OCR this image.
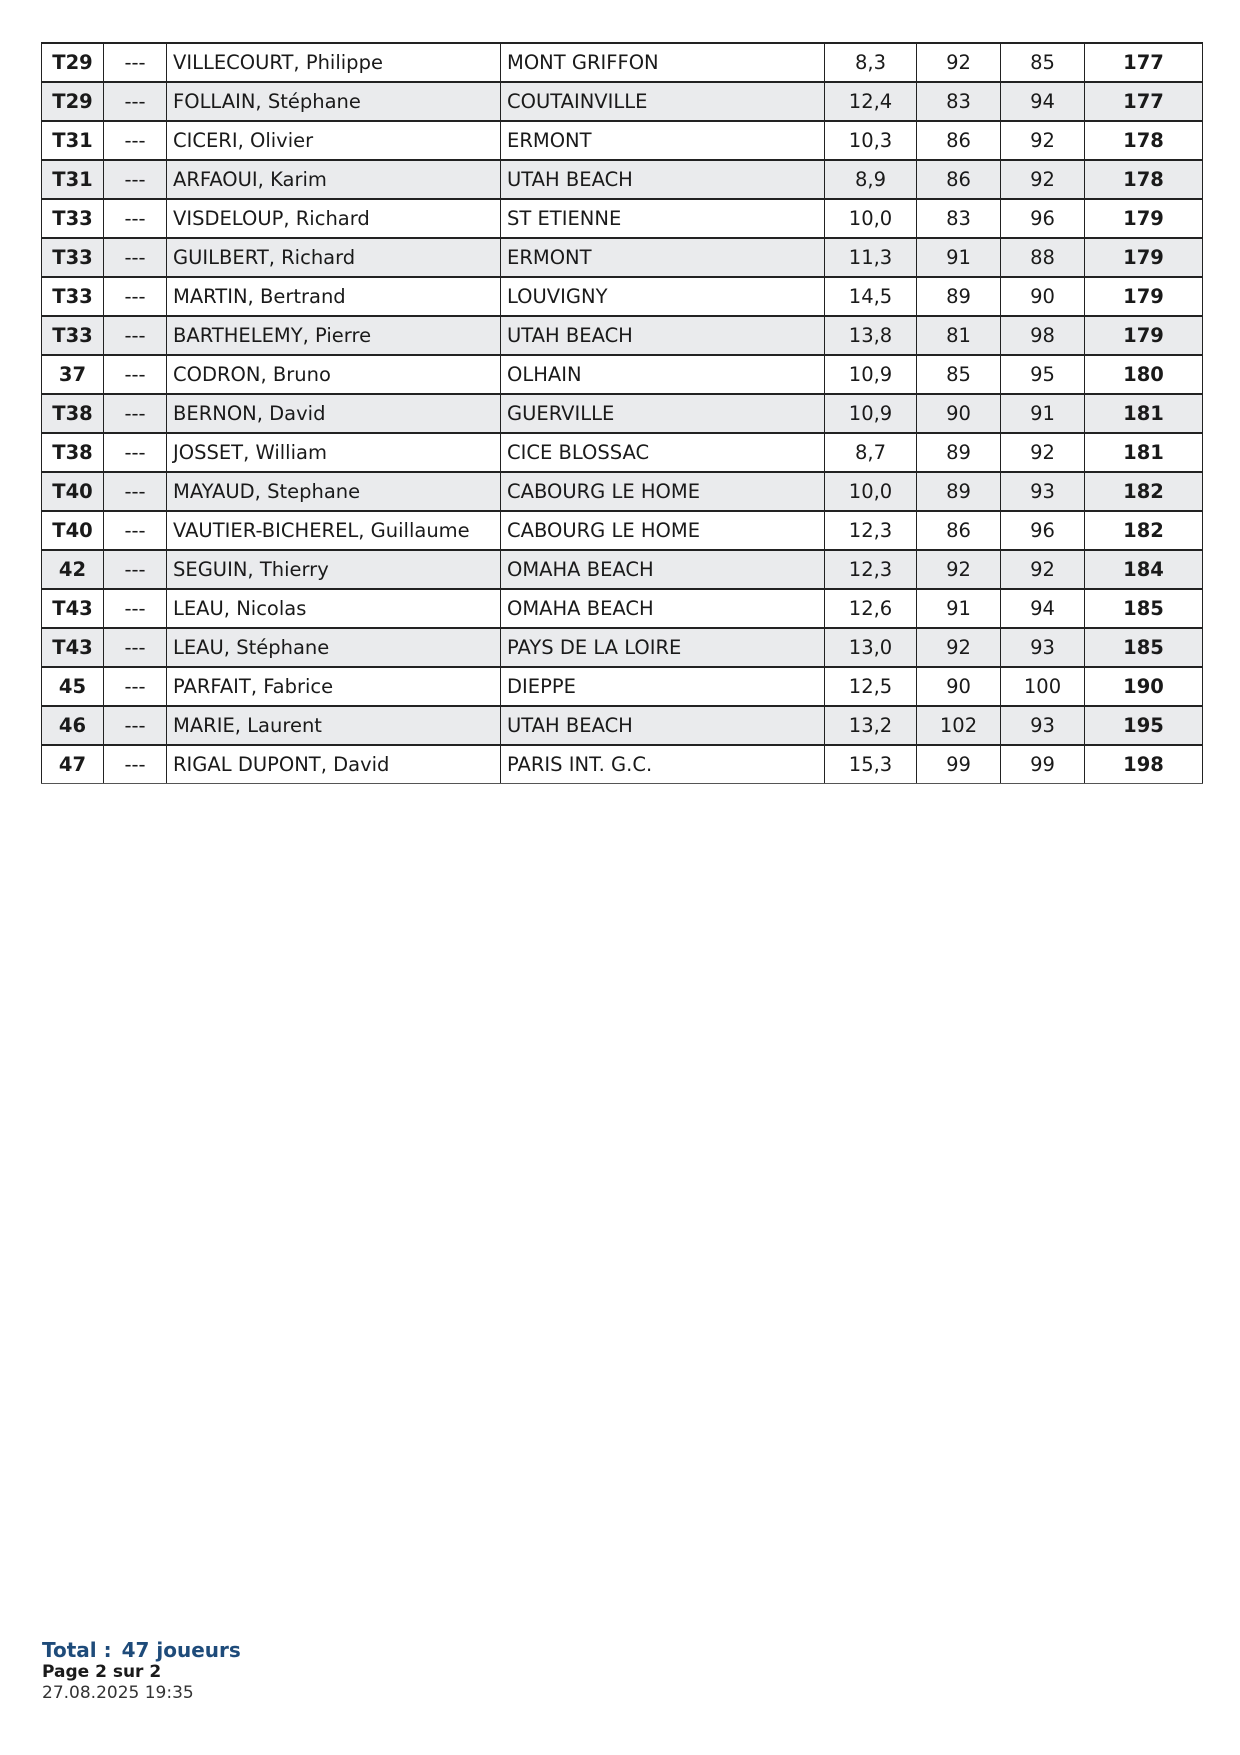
T29	---	VILLECOURT, Philippe	MONT GRIFFON	8,3	92	85	177
T29	---	FOLLAIN, Stéphane	COUTAINVILLE	12,4	83	94	177
T31	---	CICERI, Olivier	ERMONT	10,3	86	92	178
T31	---	ARFAOUI, Karim	UTAH BEACH	8,9	86	92	178
T33	---	VISDELOUP, Richard	ST ETIENNE	10,0	83	96	179
T33	---	GUILBERT, Richard	ERMONT	11,3	91	88	179
T33	---	MARTIN, Bertrand	LOUVIGNY	14,5	89	90	179
T33	---	BARTHELEMY, Pierre	UTAH BEACH	13,8	81	98	179
37	---	CODRON, Bruno	OLHAIN	10,9	85	95	180
T38	---	BERNON, David	GUERVILLE	10,9	90	91	181
T38	---	JOSSET, William	CICE BLOSSAC	8,7	89	92	181
T40	---	MAYAUD, Stephane	CABOURG LE HOME	10,0	89	93	182
T40	---	VAUTIER-BICHEREL, Guillaume	CABOURG LE HOME	12,3	86	96	182
42	---	SEGUIN, Thierry	OMAHA BEACH	12,3	92	92	184
T43	---	LEAU, Nicolas	OMAHA BEACH	12,6	91	94	185
T43	---	LEAU, Stéphane	PAYS DE LA LOIRE	13,0	92	93	185
45	---	PARFAIT, Fabrice	DIEPPE	12,5	90	100	190
46	---	MARIE, Laurent	UTAH BEACH	13,2	102	93	195
47	---	RIGAL DUPONT, David	PARIS INT. G.C.	15,3	99	99	198
Total : 47 joueurs
Page 2 sur 2
27.08.2025 19:35
